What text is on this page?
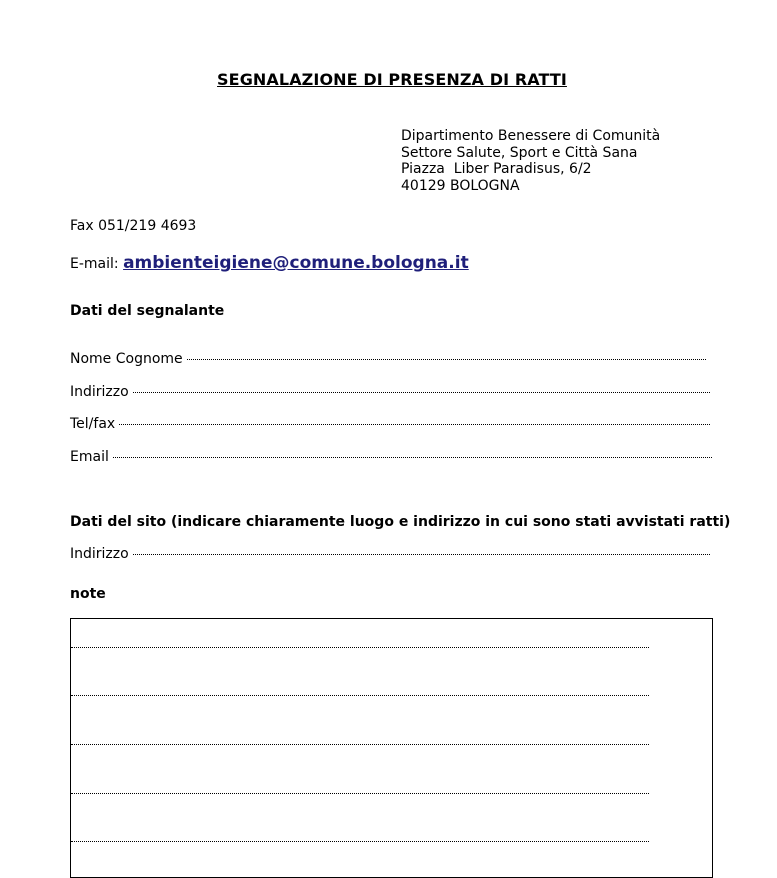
SEGNALAZIONE DI PRESENZA DI RATTI
Dipartimento Benessere di Comunità
Settore Salute, Sport e Città Sana
Piazza  Liber Paradisus, 6/2
40129 BOLOGNA
Fax 051/219 4693
E-mail: ambienteigiene@comune.bologna.it
Dati del segnalante
Nome Cognome
Indirizzo
Tel/fax
Email
Dati del sito (indicare chiaramente luogo e indirizzo in cui sono stati avvistati ratti)
Indirizzo
note
